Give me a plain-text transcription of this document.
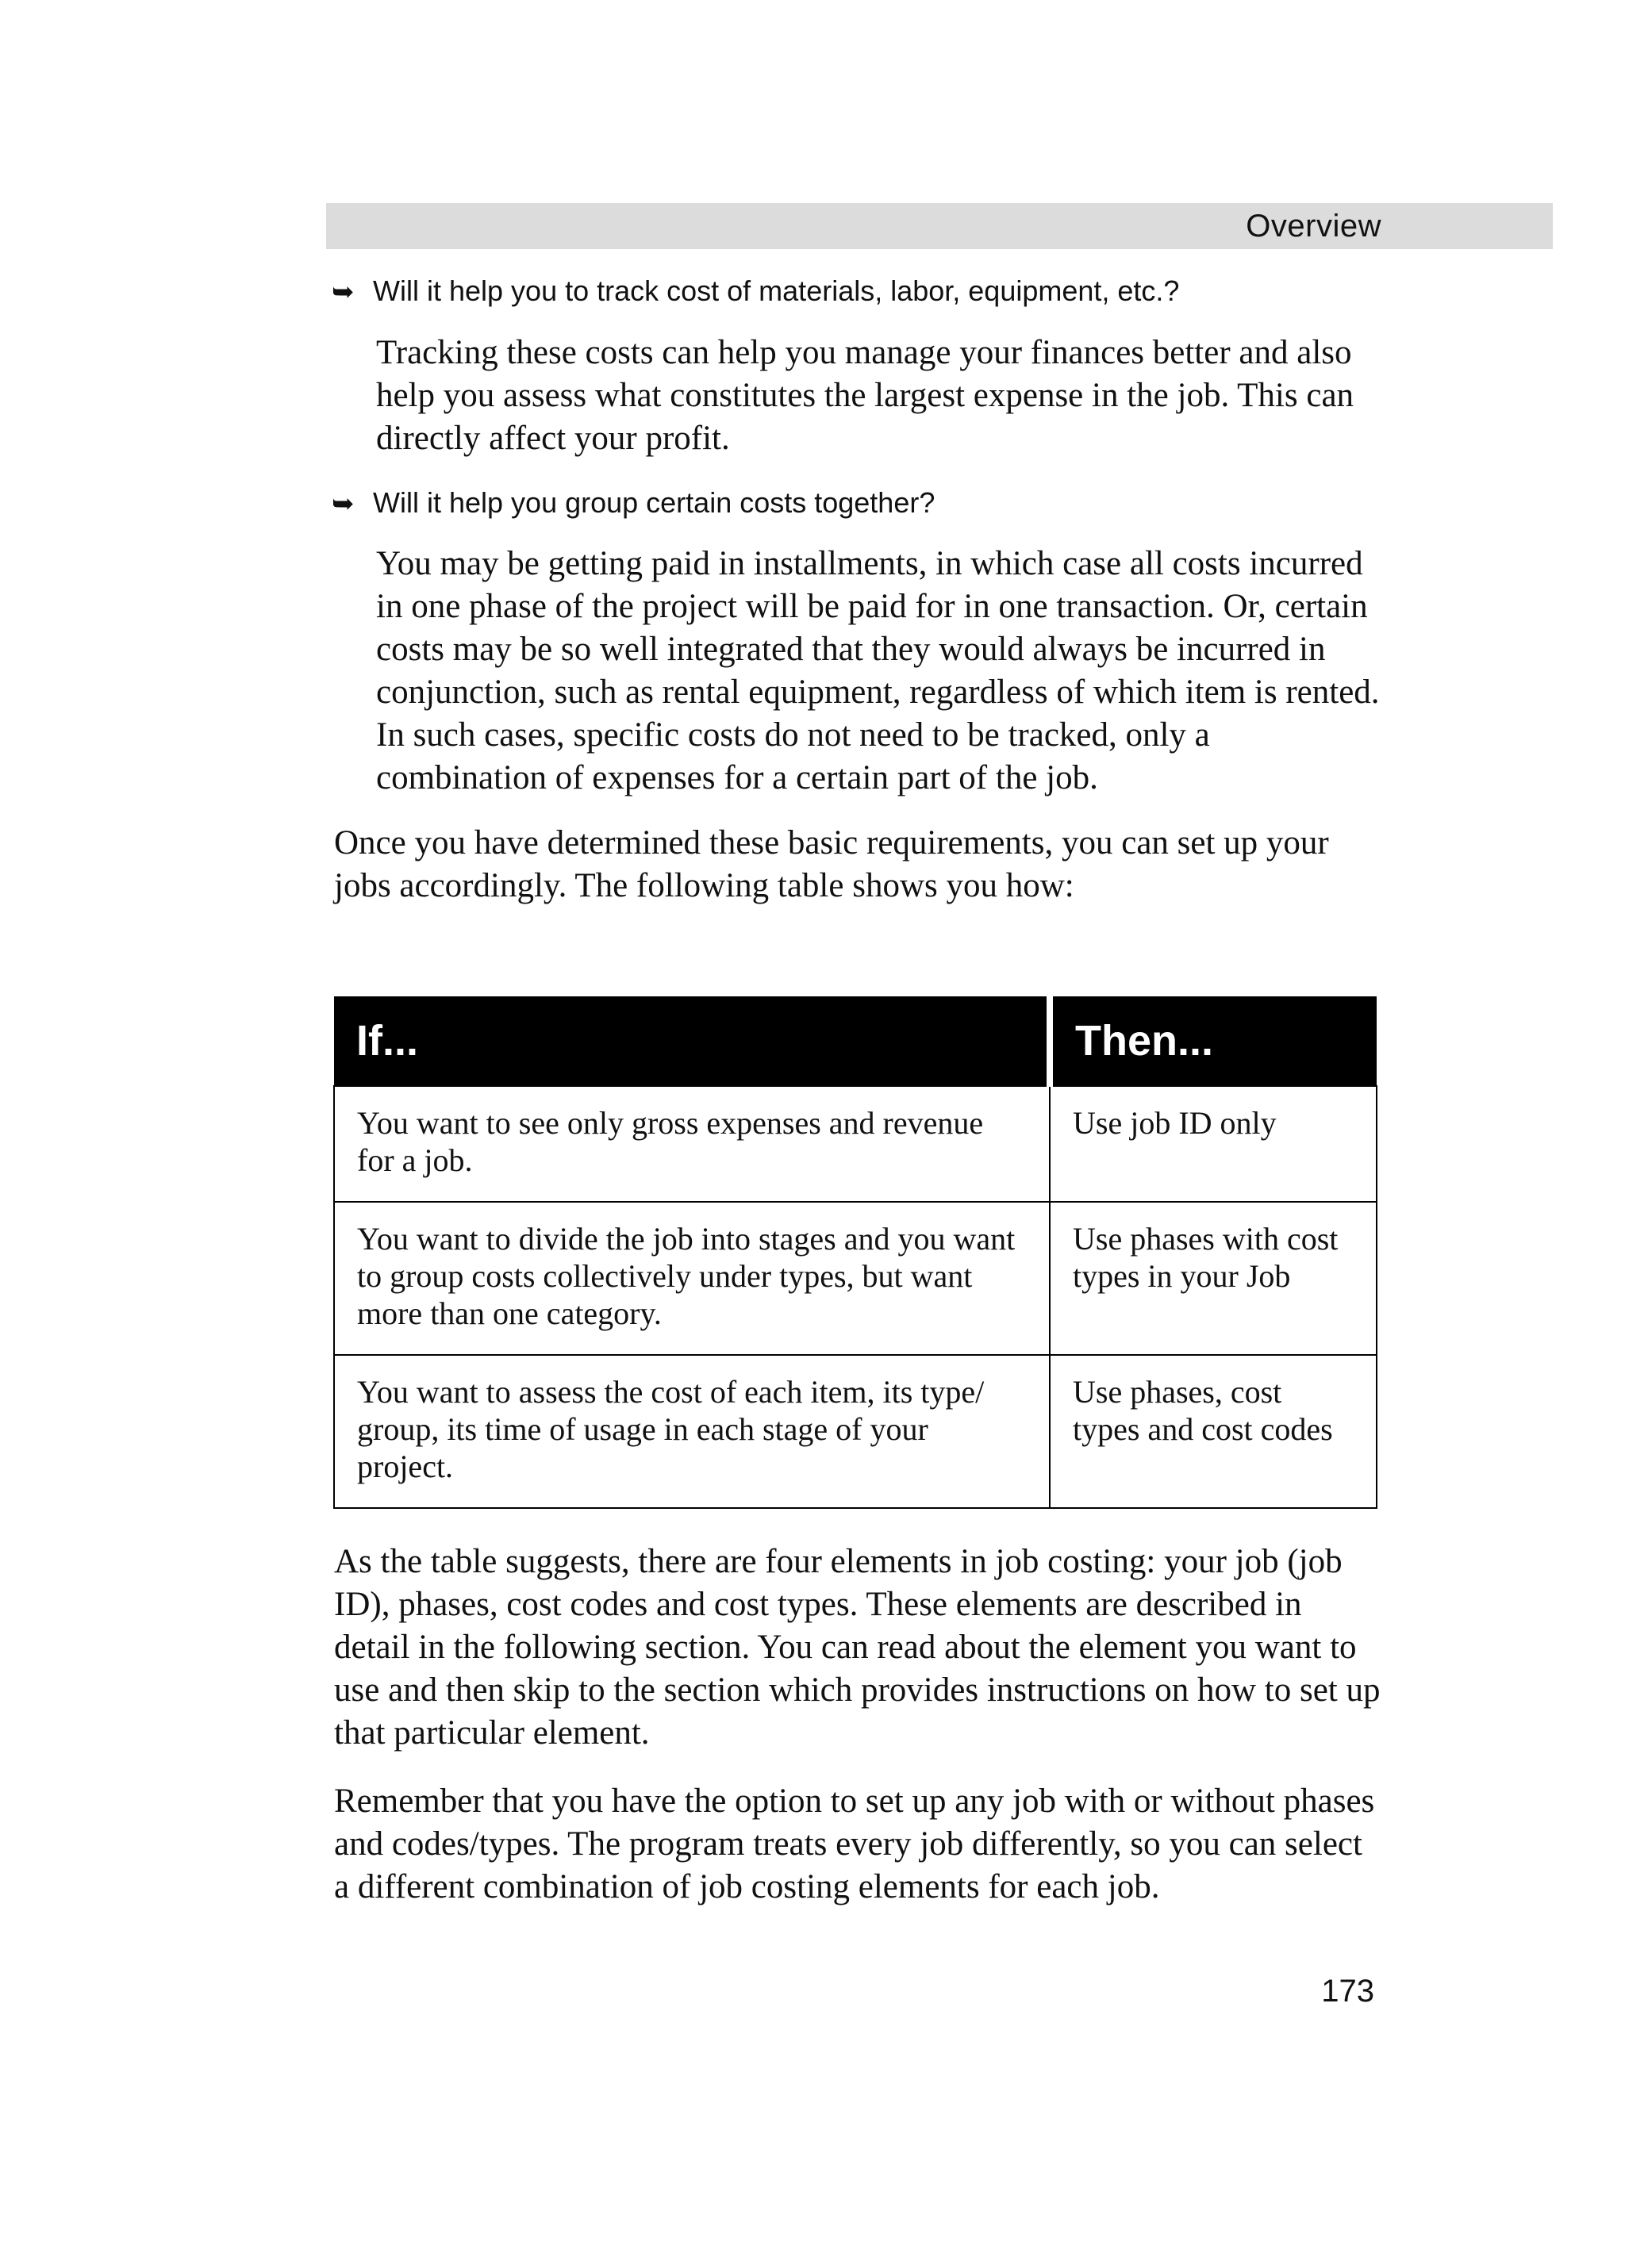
Overview
➥ Will it help you to track cost of materials, labor, equipment, etc.?
Tracking these costs can help you manage your finances better and also help you assess what constitutes the largest expense in the job. This can directly affect your profit.
➥ Will it help you group certain costs together?
You may be getting paid in installments, in which case all costs incurred in one phase of the project will be paid for in one transaction. Or, certain costs may be so well integrated that they would always be incurred in conjunction, such as rental equipment, regardless of which item is rented. In such cases, specific costs do not need to be tracked, only a combination of expenses for a certain part of the job.
Once you have determined these basic requirements, you can set up your jobs accordingly. The following table shows you how:
If...	Then...
You want to see only gross expenses and revenue for a job.	Use job ID only
You want to divide the job into stages and you want to group costs collectively under types, but want more than one category.	Use phases with cost types in your Job
You want to assess the cost of each item, its type/ group, its time of usage in each stage of your project.	Use phases, cost types and cost codes
As the table suggests, there are four elements in job costing: your job (job ID), phases, cost codes and cost types. These elements are described in detail in the following section. You can read about the element you want to use and then skip to the section which provides instructions on how to set up that particular element.
Remember that you have the option to set up any job with or without phases and codes/types. The program treats every job differently, so you can select a different combination of job costing elements for each job.
173
